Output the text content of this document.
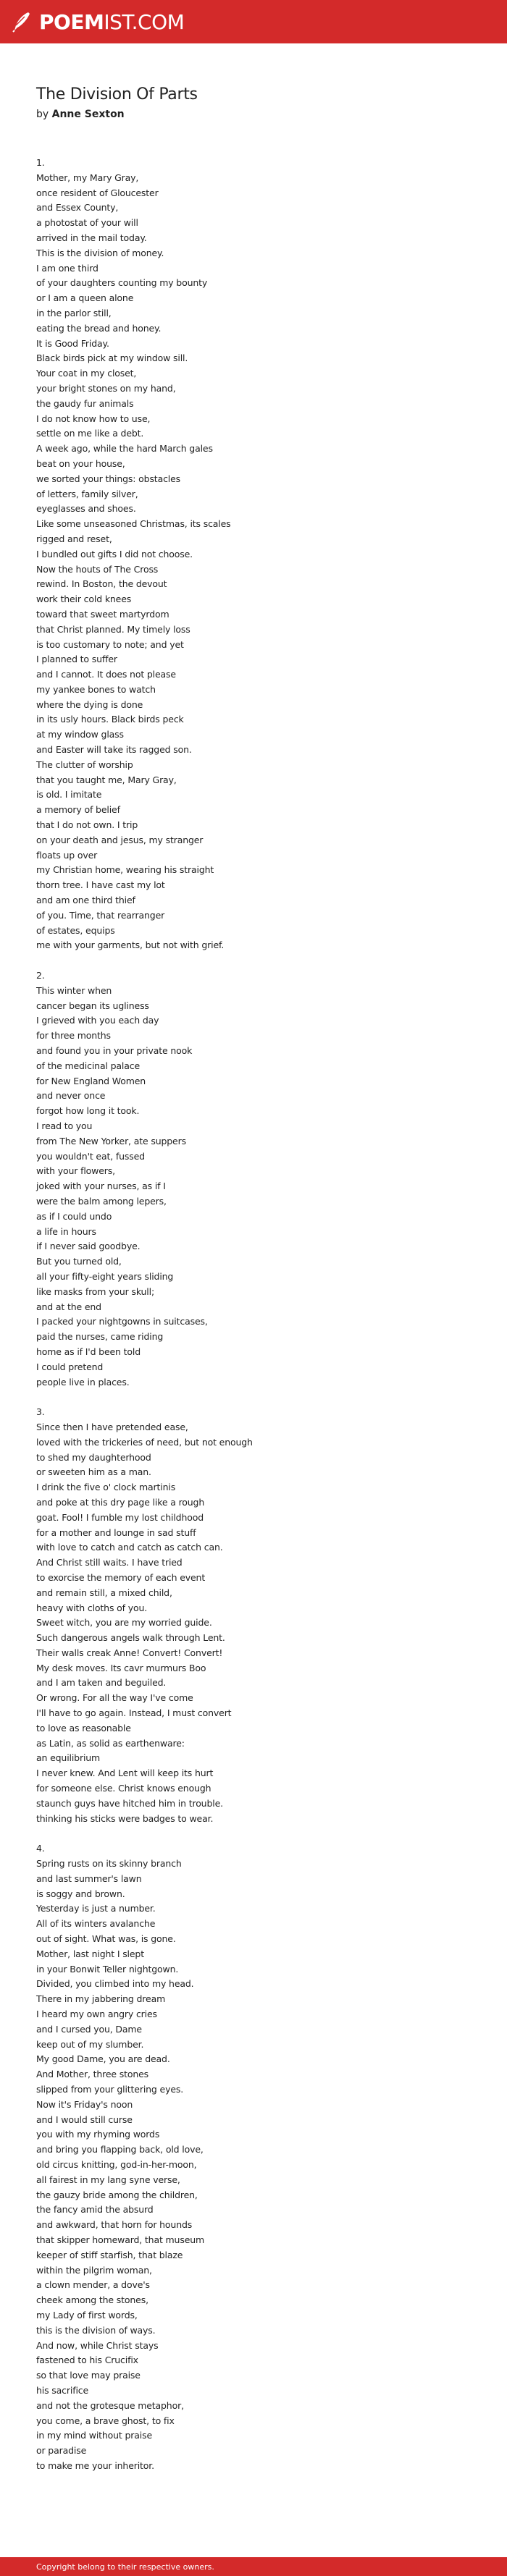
POEMIST.COM
The Division Of Parts

by Anne Sexton

1.
Mother, my Mary Gray,
once resident of Gloucester
and Essex County,
a photostat of your will
arrived in the mail today.
This is the division of money.
I am one third
of your daughters counting my bounty
or I am a queen alone
in the parlor still,
eating the bread and honey.
It is Good Friday.
Black birds pick at my window sill.
Your coat in my closet,
your bright stones on my hand,
the gaudy fur animals
I do not know how to use,
settle on me like a debt.
A week ago, while the hard March gales
beat on your house,
we sorted your things: obstacles
of letters, family silver,
eyeglasses and shoes.
Like some unseasoned Christmas, its scales
rigged and reset,
I bundled out gifts I did not choose.
Now the houts of The Cross
rewind. In Boston, the devout
work their cold knees
toward that sweet martyrdom
that Christ planned. My timely loss
is too customary to note; and yet
I planned to suffer
and I cannot. It does not please
my yankee bones to watch
where the dying is done
in its usly hours. Black birds peck
at my window glass
and Easter will take its ragged son.
The clutter of worship
that you taught me, Mary Gray,
is old. I imitate
a memory of belief
that I do not own. I trip
on your death and jesus, my stranger
floats up over
my Christian home, wearing his straight
thorn tree. I have cast my lot
and am one third thief
of you. Time, that rearranger
of estates, equips
me with your garments, but not with grief.
2.
This winter when
cancer began its ugliness
I grieved with you each day
for three months
and found you in your private nook
of the medicinal palace
for New England Women
and never once
forgot how long it took.
I read to you
from The New Yorker, ate suppers
you wouldn't eat, fussed
with your flowers,
joked with your nurses, as if I
were the balm among lepers,
as if I could undo
a life in hours
if I never said goodbye.
But you turned old,
all your fifty-eight years sliding
like masks from your skull;
and at the end
I packed your nightgowns in suitcases,
paid the nurses, came riding
home as if I'd been told
I could pretend
people live in places.
3.
Since then I have pretended ease,
loved with the trickeries of need, but not enough
to shed my daughterhood
or sweeten him as a man.
I drink the five o' clock martinis
and poke at this dry page like a rough
goat. Fool! I fumble my lost childhood
for a mother and lounge in sad stuff
with love to catch and catch as catch can.
And Christ still waits. I have tried
to exorcise the memory of each event
and remain still, a mixed child,
heavy with cloths of you.
Sweet witch, you are my worried guide.
Such dangerous angels walk through Lent.
Their walls creak Anne! Convert! Convert!
My desk moves. Its cavr murmurs Boo
and I am taken and beguiled.
Or wrong. For all the way I've come
I'll have to go again. Instead, I must convert
to love as reasonable
as Latin, as solid as earthenware:
an equilibrium
I never knew. And Lent will keep its hurt
for someone else. Christ knows enough
staunch guys have hitched him in trouble.
thinking his sticks were badges to wear.
4.
Spring rusts on its skinny branch
and last summer's lawn
is soggy and brown.
Yesterday is just a number.
All of its winters avalanche
out of sight. What was, is gone.
Mother, last night I slept
in your Bonwit Teller nightgown.
Divided, you climbed into my head.
There in my jabbering dream
I heard my own angry cries
and I cursed you, Dame
keep out of my slumber.
My good Dame, you are dead.
And Mother, three stones
slipped from your glittering eyes.
Now it's Friday's noon
and I would still curse
you with my rhyming words
and bring you flapping back, old love,
old circus knitting, god-in-her-moon,
all fairest in my lang syne verse,
the gauzy bride among the children,
the fancy amid the absurd
and awkward, that horn for hounds
that skipper homeward, that museum
keeper of stiff starfish, that blaze
within the pilgrim woman,
a clown mender, a dove's
cheek among the stones,
my Lady of first words,
this is the division of ways.
And now, while Christ stays
fastened to his Crucifix
so that love may praise
his sacrifice
and not the grotesque metaphor,
you come, a brave ghost, to fix
in my mind without praise
or paradise
to make me your inheritor.
Copyright belong to their respective owners.
